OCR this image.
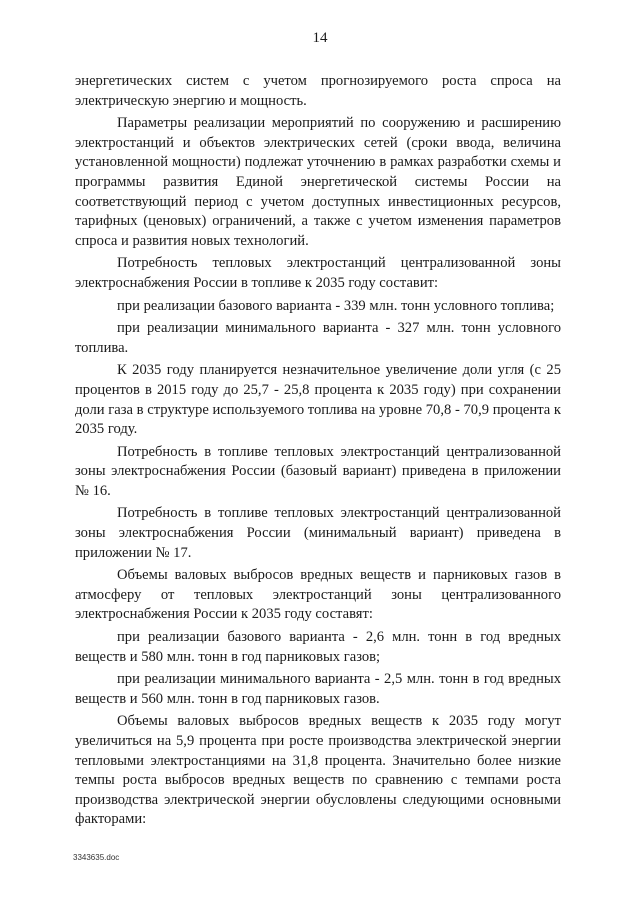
14

энергетических систем с учетом прогнозируемого роста спроса на электрическую энергию и мощность.

Параметры реализации мероприятий по сооружению и расширению электростанций и объектов электрических сетей (сроки ввода, величина установленной мощности) подлежат уточнению в рамках разработки схемы и программы развития Единой энергетической системы России на соответствующий период с учетом доступных инвестиционных ресурсов, тарифных (ценовых) ограничений, а также с учетом изменения параметров спроса и развития новых технологий.

Потребность тепловых электростанций централизованной зоны электроснабжения России в топливе к 2035 году составит:

при реализации базового варианта - 339 млн. тонн условного топлива;

при реализации минимального варианта - 327 млн. тонн условного топлива.

К 2035 году планируется незначительное увеличение доли угля (с 25 процентов в 2015 году до 25,7 - 25,8 процента к 2035 году) при сохранении доли газа в структуре используемого топлива на уровне 70,8 - 70,9 процента к 2035 году.

Потребность в топливе тепловых электростанций централизованной зоны электроснабжения России (базовый вариант) приведена в приложении № 16.

Потребность в топливе тепловых электростанций централизованной зоны электроснабжения России (минимальный вариант) приведена в приложении № 17.

Объемы валовых выбросов вредных веществ и парниковых газов в атмосферу от тепловых электростанций зоны централизованного электроснабжения России к 2035 году составят:

при реализации базового варианта - 2,6 млн. тонн в год вредных веществ и 580 млн. тонн в год парниковых газов;

при реализации минимального варианта - 2,5 млн. тонн в год вредных веществ и 560 млн. тонн в год парниковых газов.

Объемы валовых выбросов вредных веществ к 2035 году могут увеличиться на 5,9 процента при росте производства электрической энергии тепловыми электростанциями на 31,8 процента. Значительно более низкие темпы роста выбросов вредных веществ по сравнению с темпами роста производства электрической энергии обусловлены следующими основными факторами:

3343635.doc
